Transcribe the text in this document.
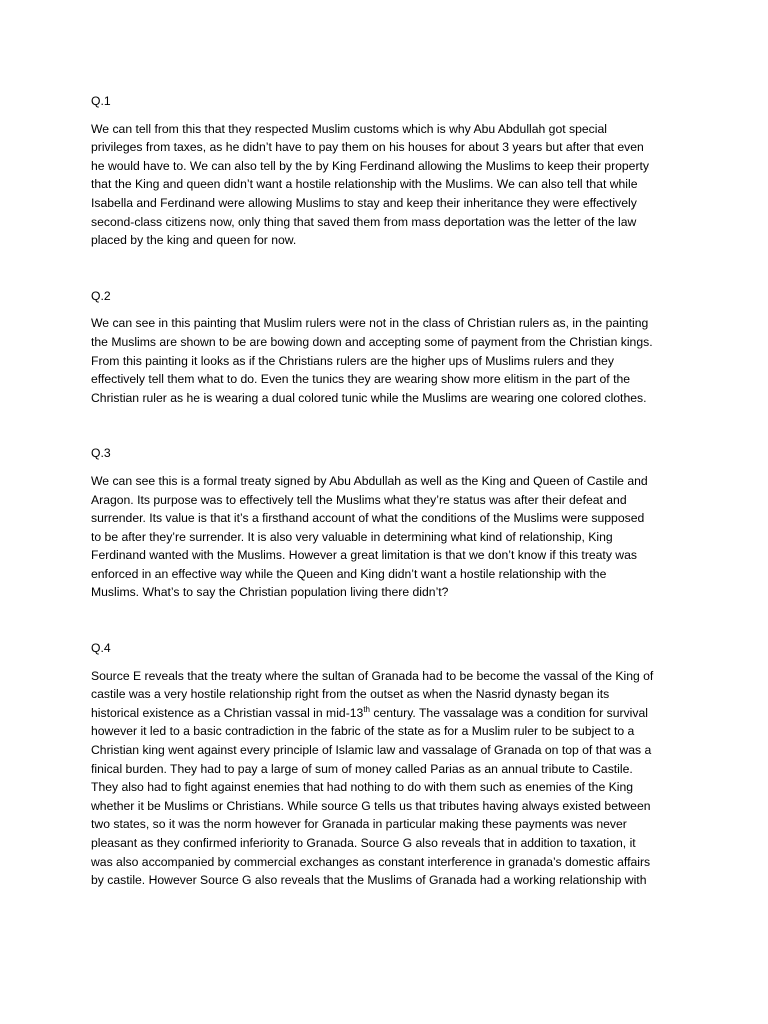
Q.1

We can tell from this that they respected Muslim customs which is why Abu Abdullah got special
privileges from taxes, as he didn’t have to pay them on his houses for about 3 years but after that even
he would have to. We can also tell by the by King Ferdinand allowing the Muslims to keep their property
that the King and queen didn’t want a hostile relationship with the Muslims. We can also tell that while
Isabella and Ferdinand were allowing Muslims to stay and keep their inheritance they were effectively
second-class citizens now, only thing that saved them from mass deportation was the letter of the law
placed by the king and queen for now.

Q.2

We can see in this painting that Muslim rulers were not in the class of Christian rulers as, in the painting
the Muslims are shown to be are bowing down and accepting some of payment from the Christian kings.
From this painting it looks as if the Christians rulers are the higher ups of Muslims rulers and they
effectively tell them what to do. Even the tunics they are wearing show more elitism in the part of the
Christian ruler as he is wearing a dual colored tunic while the Muslims are wearing one colored clothes.

Q.3

We can see this is a formal treaty signed by Abu Abdullah as well as the King and Queen of Castile and
Aragon. Its purpose was to effectively tell the Muslims what they’re status was after their defeat and
surrender. Its value is that it’s a firsthand account of what the conditions of the Muslims were supposed
to be after they’re surrender. It is also very valuable in determining what kind of relationship, King
Ferdinand wanted with the Muslims. However a great limitation is that we don’t know if this treaty was
enforced in an effective way while the Queen and King didn’t want a hostile relationship with the
Muslims. What’s to say the Christian population living there didn’t?

Q.4

Source E reveals that the treaty where the sultan of Granada had to be become the vassal of the King of
castile was a very hostile relationship right from the outset as when the Nasrid dynasty began its
historical existence as a Christian vassal in mid-13th century. The vassalage was a condition for survival
however it led to a basic contradiction in the fabric of the state as for a Muslim ruler to be subject to a
Christian king went against every principle of Islamic law and vassalage of Granada on top of that was a
finical burden. They had to pay a large of sum of money called Parias as an annual tribute to Castile.
They also had to fight against enemies that had nothing to do with them such as enemies of the King
whether it be Muslims or Christians. While source G tells us that tributes having always existed between
two states, so it was the norm however for Granada in particular making these payments was never
pleasant as they confirmed inferiority to Granada. Source G also reveals that in addition to taxation, it
was also accompanied by commercial exchanges as constant interference in granada’s domestic affairs
by castile. However Source G also reveals that the Muslims of Granada had a working relationship with
